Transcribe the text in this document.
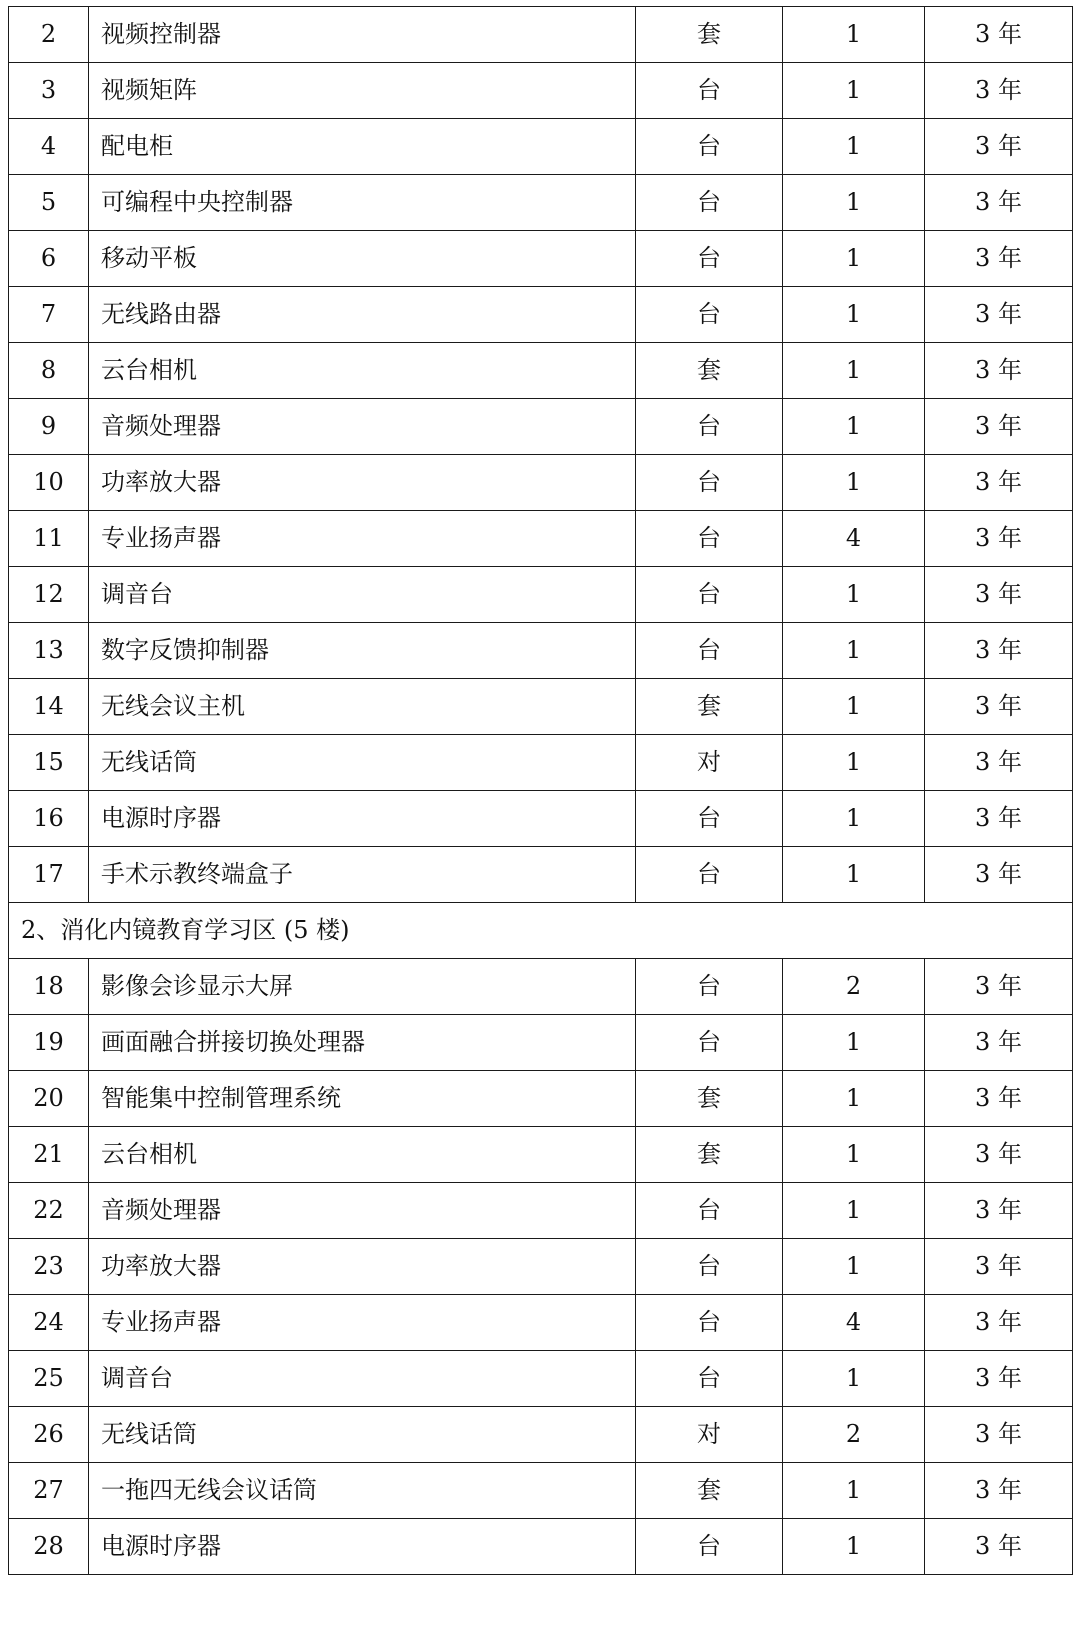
2	视频控制器	套	1	3 年
3	视频矩阵	台	1	3 年
4	配电柜	台	1	3 年
5	可编程中央控制器	台	1	3 年
6	移动平板	台	1	3 年
7	无线路由器	台	1	3 年
8	云台相机	套	1	3 年
9	音频处理器	台	1	3 年
10	功率放大器	台	1	3 年
11	专业扬声器	台	4	3 年
12	调音台	台	1	3 年
13	数字反馈抑制器	台	1	3 年
14	无线会议主机	套	1	3 年
15	无线话筒	对	1	3 年
16	电源时序器	台	1	3 年
17	手术示教终端盒子	台	1	3 年
2、消化内镜教育学习区 (5 楼)				
18	影像会诊显示大屏	台	2	3 年
19	画面融合拼接切换处理器	台	1	3 年
20	智能集中控制管理系统	套	1	3 年
21	云台相机	套	1	3 年
22	音频处理器	台	1	3 年
23	功率放大器	台	1	3 年
24	专业扬声器	台	4	3 年
25	调音台	台	1	3 年
26	无线话筒	对	2	3 年
27	一拖四无线会议话筒	套	1	3 年
28	电源时序器	台	1	3 年
